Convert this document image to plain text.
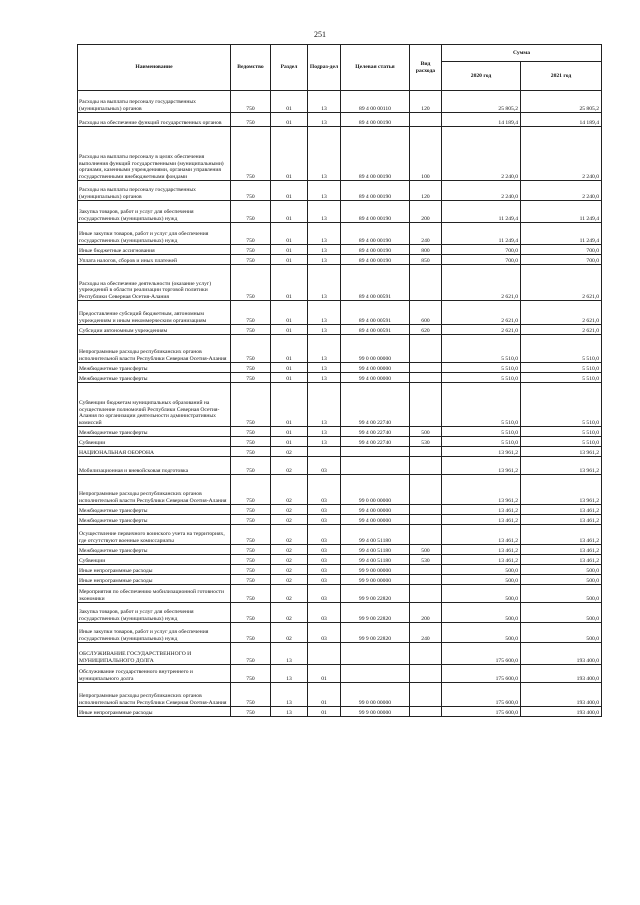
251
Наименование	Ведомство	Раздел	Подраз-дел	Целевая статья	Вид расхода	Сумма	
						2020 год	2021 год
Расходы на выплаты персоналу государственных (муниципальных) органов	750	01	13	89 4 00 00110	120	25 805,2	25 805,2
Расходы на обеспечение функций государственных органов	750	01	13	89 4 00 00190		14 189,4	14 189,4
Расходы на выплаты персоналу в целях обеспечения выполнения функций государственными (муниципальными) органами, казенными учреждениями, органами управления государственными внебюджетными фондами	750	01	13	89 4 00 00190	100	2 240,0	2 240,0
Расходы на выплаты персоналу государственных (муниципальных) органов	750	01	13	89 4 00 00190	120	2 240,0	2 240,0
Закупка товаров, работ и услуг для обеспечения государственных (муниципальных) нужд	750	01	13	89 4 00 00190	200	11 249,4	11 249,4
Иные закупки товаров, работ и услуг для обеспечения государственных (муниципальных) нужд	750	01	13	89 4 00 00190	240	11 249,4	11 249,4
Иные бюджетные ассигнования	750	01	13	89 4 00 00190	800	700,0	700,0
Уплата налогов, сборов и иных платежей	750	01	13	89 4 00 00190	850	700,0	700,0
Расходы на обеспечение деятельности (оказание услуг) учреждений в области реализации торговой политики Республики Северная Осетия-Алания	750	01	13	89 4 00 00591		2 621,0	2 621,0
Предоставление субсидий бюджетным, автономным учреждениям и иным некоммерческим организациям	750	01	13	89 4 00 00591	600	2 621,0	2 621,0
Субсидии автономным учреждениям	750	01	13	89 4 00 00591	620	2 621,0	2 621,0
Непрограммные расходы республиканских органов исполнительной власти Республики Северная Осетия-Алания	750	01	13	99 0 00 00000		5 510,0	5 510,0
Межбюджетные трансферты	750	01	13	99 4 00 00000		5 510,0	5 510,0
Межбюджетные трансферты	750	01	13	99 4 00 00000		5 510,0	5 510,0
Субвенции бюджетам муниципальных образований на осуществление полномочий Республики Северная Осетия-Алания по организации деятельности административных комиссий	750	01	13	99 4 00 22740		5 510,0	5 510,0
Межбюджетные трансферты	750	01	13	99 4 00 22740	500	5 510,0	5 510,0
Субвенции	750	01	13	99 4 00 22740	530	5 510,0	5 510,0
НАЦИОНАЛЬНАЯ ОБОРОНА	750	02				13 961,2	13 961,2
Мобилизационная и вневойсковая подготовка	750	02	03			13 961,2	13 961,2
Непрограммные расходы республиканских органов исполнительной власти Республики Северная Осетия-Алания	750	02	03	99 0 00 00000		13 961,2	13 961,2
Межбюджетные трансферты	750	02	03	99 4 00 00000		13 461,2	13 461,2
Межбюджетные трансферты	750	02	03	99 4 00 00000		13 461,2	13 461,2
Осуществление первичного воинского учета на территориях, где отсутствуют военные комиссариаты	750	02	03	99 4 00 51180		13 461,2	13 461,2
Межбюджетные трансферты	750	02	03	99 4 00 51180	500	13 461,2	13 461,2
Субвенции	750	02	03	99 4 00 51180	530	13 461,2	13 461,2
Иные непрограммные расходы	750	02	03	99 9 00 00000		500,0	500,0
Иные непрограммные расходы	750	02	03	99 9 00 00000		500,0	500,0
Мероприятия по обеспечению мобилизационной готовности экономики	750	02	03	99 9 00 22820		500,0	500,0
Закупка товаров, работ и услуг для обеспечения государственных (муниципальных) нужд	750	02	03	99 9 00 22820	200	500,0	500,0
Иные закупки товаров, работ и услуг для обеспечения государственных (муниципальных) нужд	750	02	03	99 9 00 22820	240	500,0	500,0
ОБСЛУЖИВАНИЕ ГОСУДАРСТВЕННОГО И МУНИЦИПАЛЬНОГО ДОЛГА	750	13				175 600,0	193 400,0
Обслуживание государственного внутреннего и муниципального долга	750	13	01			175 600,0	193 400,0
Непрограммные расходы республиканских органов исполнительной власти Республики Северная Осетия-Алания	750	13	01	99 0 00 00000		175 600,0	193 400,0
Иные непрограммные расходы	750	13	01	99 9 00 00000		175 600,0	193 400,0
